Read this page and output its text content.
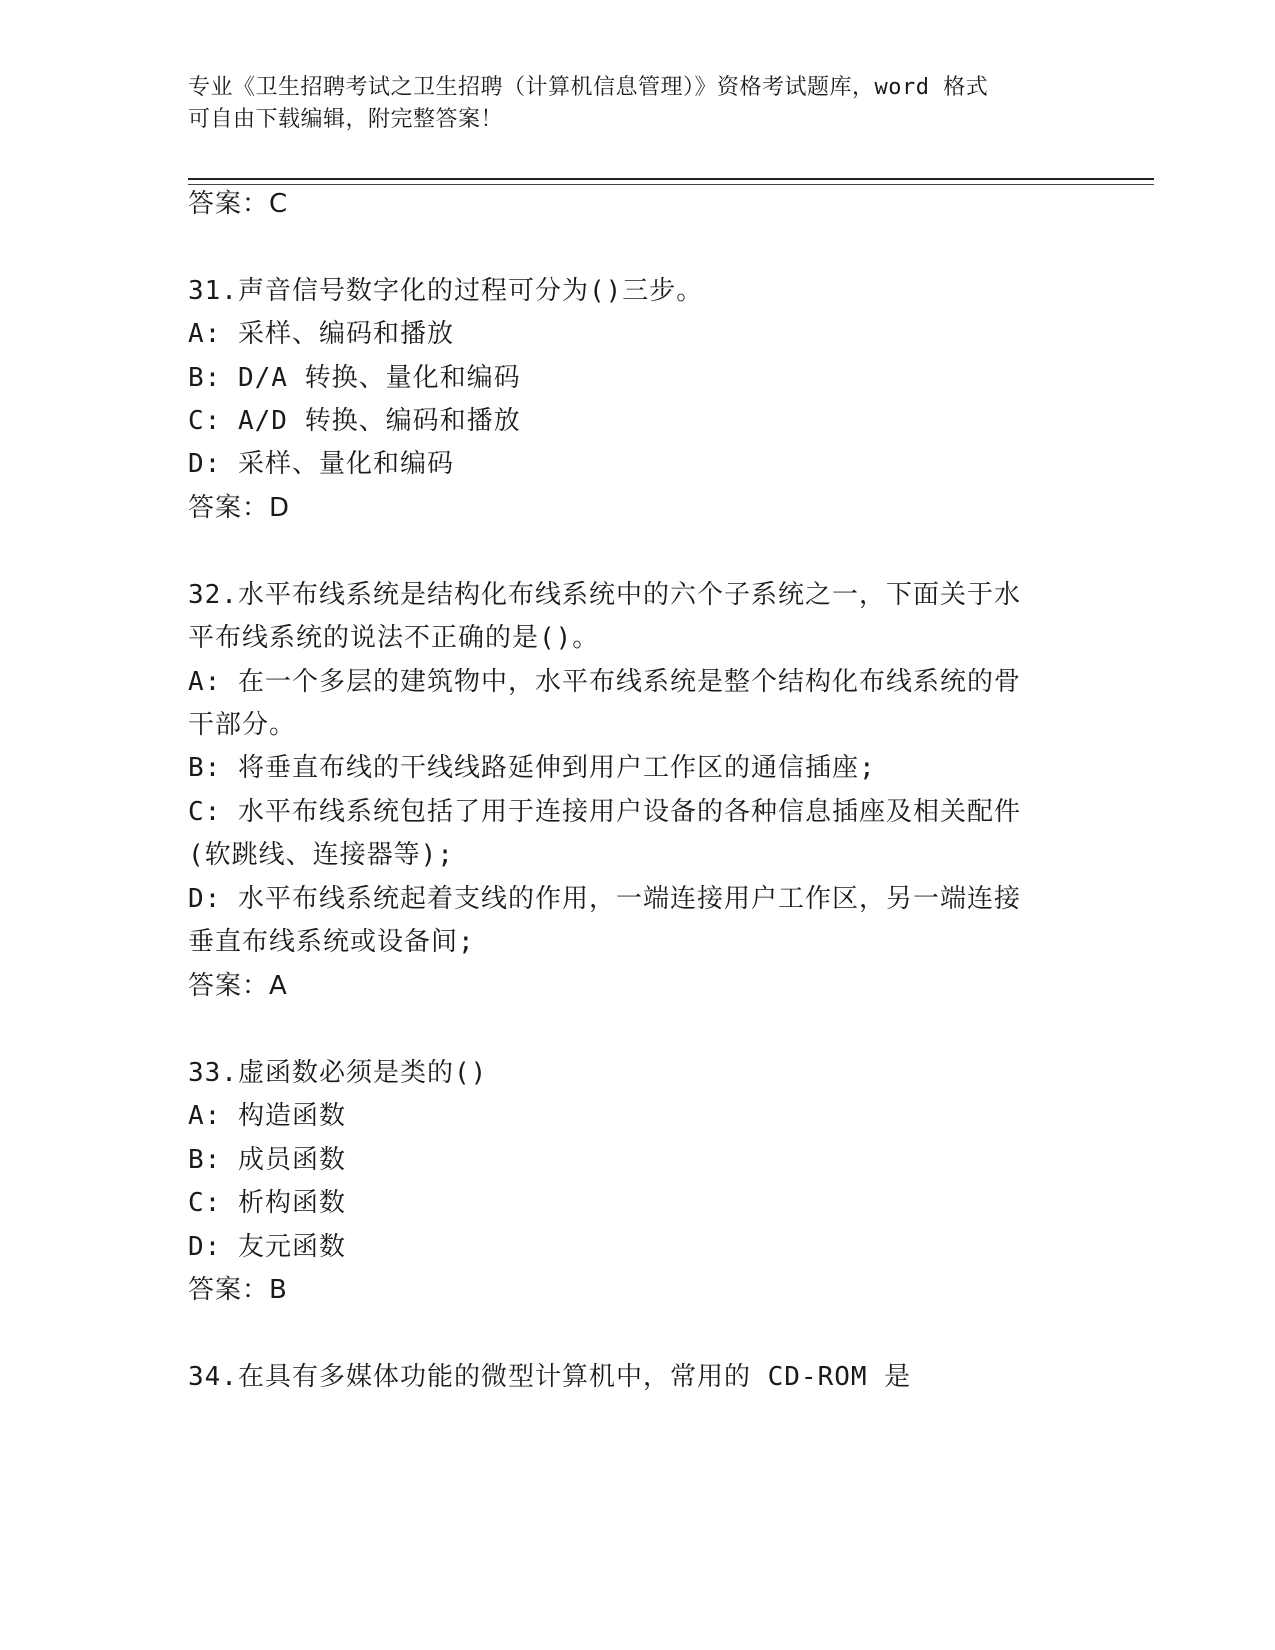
专业《卫生招聘考试之卫生招聘（计算机信息管理）》资格考试题库，word 格式
可自由下载编辑，附完整答案！
答案：C
31.声音信号数字化的过程可分为()三步。
A: 采样、编码和播放
B: D/A 转换、量化和编码
C: A/D 转换、编码和播放
D: 采样、量化和编码
答案：D
32.水平布线系统是结构化布线系统中的六个子系统之一，下面关于水
平布线系统的说法不正确的是()。
A: 在一个多层的建筑物中，水平布线系统是整个结构化布线系统的骨
干部分。
B: 将垂直布线的干线线路延伸到用户工作区的通信插座;
C: 水平布线系统包括了用于连接用户设备的各种信息插座及相关配件
(软跳线、连接器等);
D: 水平布线系统起着支线的作用，一端连接用户工作区，另一端连接
垂直布线系统或设备间;
答案：A
33.虚函数必须是类的()
A: 构造函数
B: 成员函数
C: 析构函数
D: 友元函数
答案：B
34.在具有多媒体功能的微型计算机中，常用的 CD-ROM 是
